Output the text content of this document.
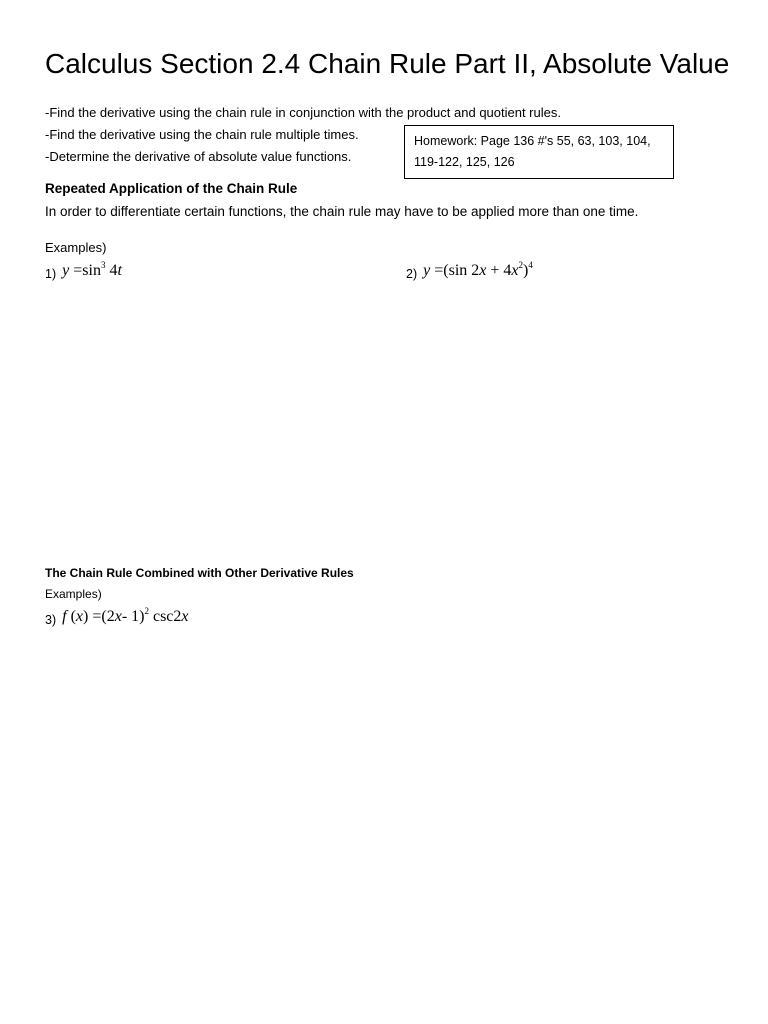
Calculus Section 2.4 Chain Rule Part II, Absolute Value
-Find the derivative using the chain rule in conjunction with the product and quotient rules.
-Find the derivative using the chain rule multiple times.
-Determine the derivative of absolute value functions.
Homework: Page 136 #'s 55, 63, 103, 104,
119-122, 125, 126
Repeated Application of the Chain Rule
In order to differentiate certain functions, the chain rule may have to be applied more than one time.
Examples)
1) $y =\sin^3$ 4t	2) y =(sin $2x + 4x^2)^4$
The Chain Rule Combined with Other Derivative Rules
Examples)
3) f (x) =(2x- 1)$^2$ csc2x
